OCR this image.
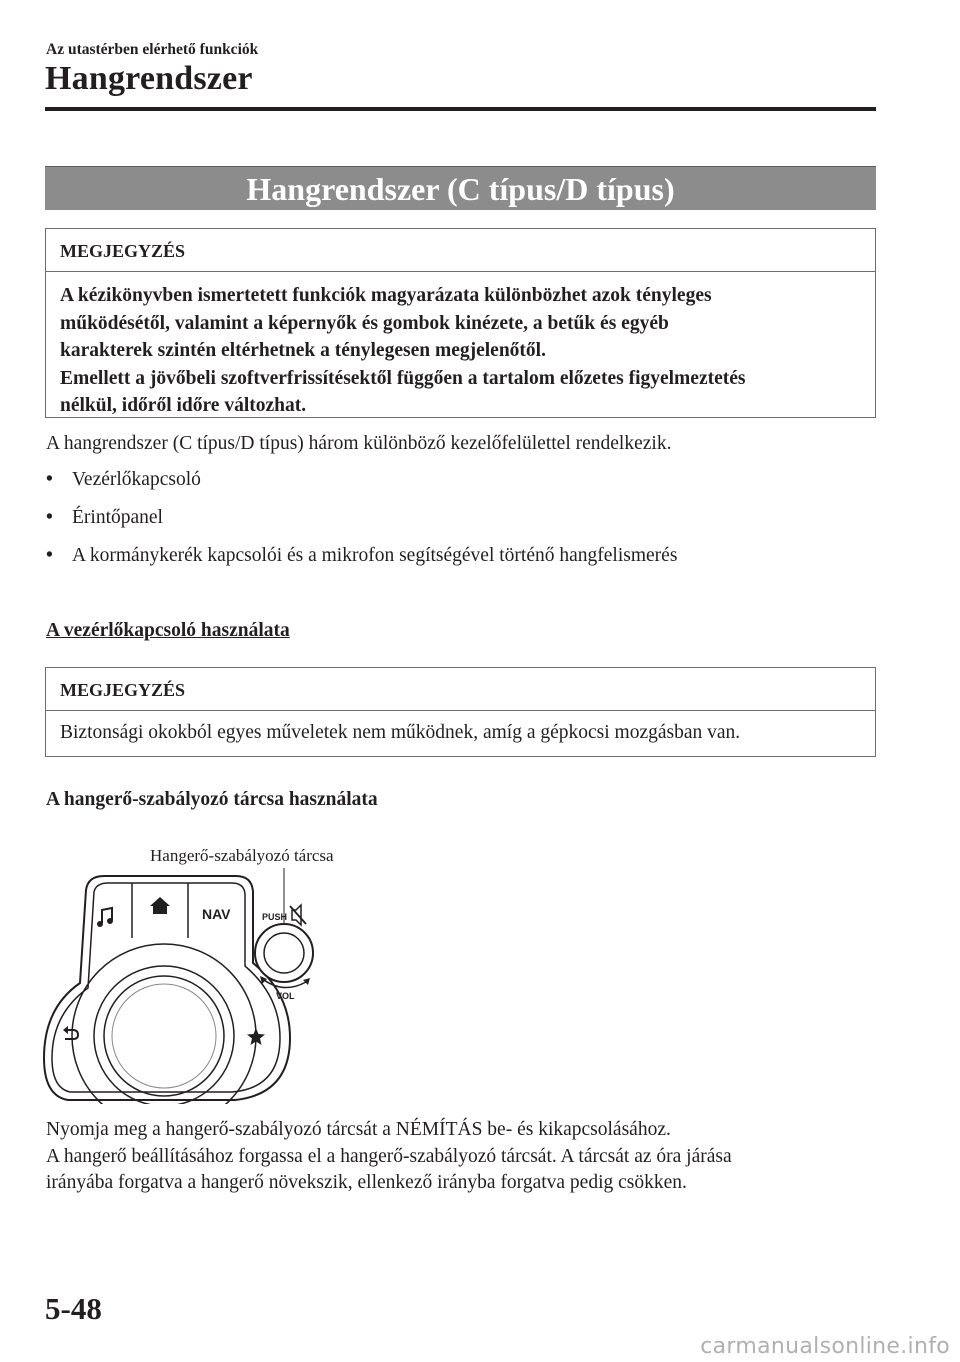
Az utastérben elérhető funkciók
Hangrendszer
Hangrendszer (C típus/D típus)
MEGJEGYZÉS
A kézikönyvben ismertetett funkciók magyarázata különbözhet azok tényleges
működésétől, valamint a képernyők és gombok kinézete, a betűk és egyéb
karakterek szintén eltérhetnek a ténylegesen megjelenőtől.
Emellett a jövőbeli szoftverfrissítésektől függően a tartalom előzetes figyelmeztetés
nélkül, időről időre változhat.
A hangrendszer (C típus/D típus) három különböző kezelőfelülettel rendelkezik.
• Vezérlőkapcsoló
• Érintőpanel
• A kormánykerék kapcsolói és a mikrofon segítségével történő hangfelismerés
A vezérlőkapcsoló használata
MEGJEGYZÉS
Biztonsági okokból egyes műveletek nem működnek, amíg a gépkocsi mozgásban van.
A hangerő-szabályozó tárcsa használata
Hangerő-szabályozó tárcsa
NAV	PUSH
VOL
Nyomja meg a hangerő-szabályozó tárcsát a NÉMÍTÁS be- és kikapcsolásához.
A hangerő beállításához forgassa el a hangerő-szabályozó tárcsát. A tárcsát az óra járása
irányába forgatva a hangerő növekszik, ellenkező irányba forgatva pedig csökken.
5-48
carmanualsonline.info
